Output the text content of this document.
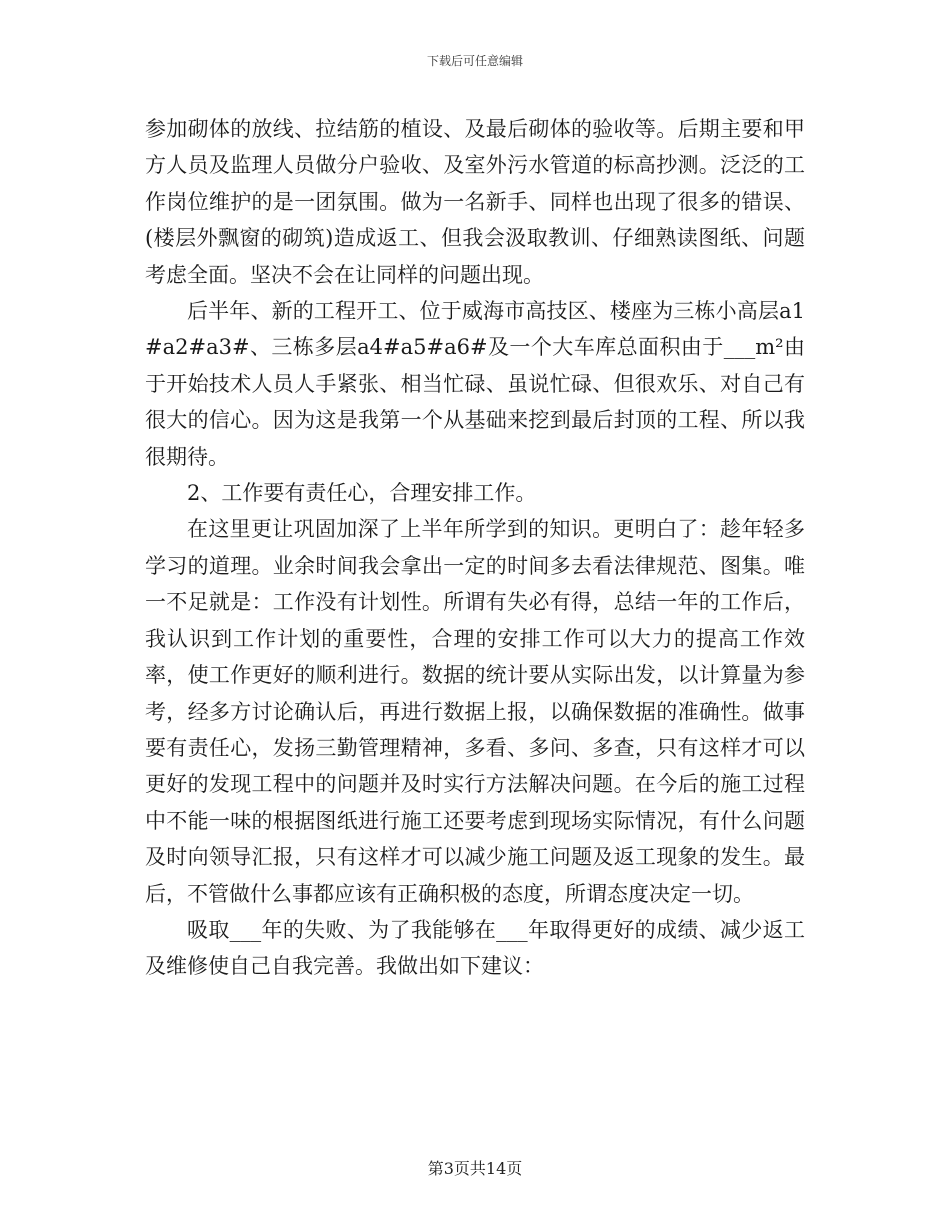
下载后可任意编辑

参加砌体的放线、拉结筋的植设、及最后砌体的验收等。后期主要和甲方人员及监理人员做分户验收、及室外污水管道的标高抄测。泛泛的工作岗位维护的是一团氛围。做为一名新手、同样也出现了很多的错误、(楼层外飘窗的砌筑)造成返工、但我会汲取教训、仔细熟读图纸、问题考虑全面。坚决不会在让同样的问题出现。

后半年、新的工程开工、位于威海市高技区、楼座为三栋小高层a1#a2#a3#、三栋多层a4#a5#a6#及一个大车库总面积由于___m²由于开始技术人员人手紧张、相当忙碌、虽说忙碌、但很欢乐、对自己有很大的信心。因为这是我第一个从基础来挖到最后封顶的工程、所以我很期待。

2、工作要有责任心，合理安排工作。

在这里更让巩固加深了上半年所学到的知识。更明白了：趁年轻多学习的道理。业余时间我会拿出一定的时间多去看法律规范、图集。唯一不足就是：工作没有计划性。所谓有失必有得，总结一年的工作后，我认识到工作计划的重要性，合理的安排工作可以大力的提高工作效率，使工作更好的顺利进行。数据的统计要从实际出发，以计算量为参考，经多方讨论确认后，再进行数据上报，以确保数据的准确性。做事要有责任心，发扬三勤管理精神，多看、多问、多查，只有这样才可以更好的发现工程中的问题并及时实行方法解决问题。在今后的施工过程中不能一味的根据图纸进行施工还要考虑到现场实际情况，有什么问题及时向领导汇报，只有这样才可以减少施工问题及返工现象的发生。最后，不管做什么事都应该有正确积极的态度，所谓态度决定一切。

吸取___年的失败、为了我能够在___年取得更好的成绩、减少返工及维修使自己自我完善。我做出如下建议：

第3页共14页
